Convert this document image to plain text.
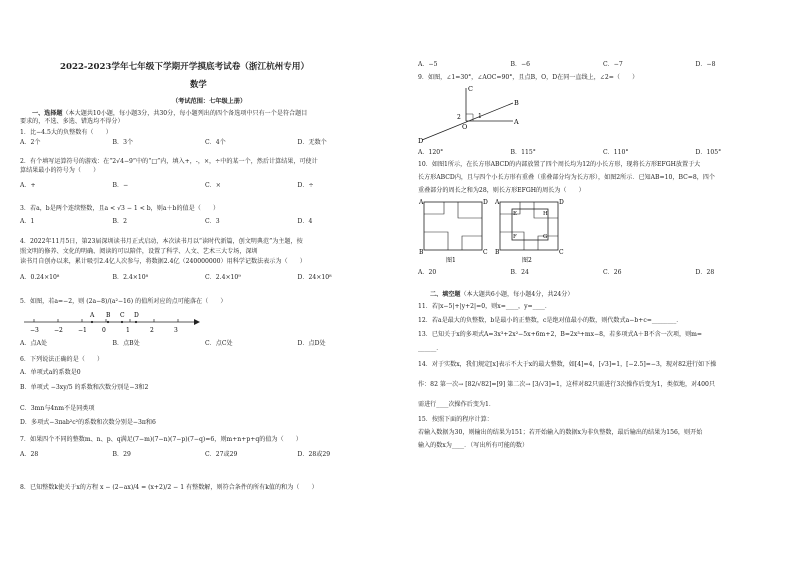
2022-2023学年七年级下学期开学摸底考试卷（浙江杭州专用）
数学
（考试范围：七年级上册）
一、选择题（本大题共10小题，每小题3分，共30分，每小题列出的四个备选项中只有一个是符合题目
要求的，不选、多选、错选均不得分）
1．比−4.5大的负整数有（　　）
A．2个	B．3个	C．4个	D．无数个
2．有个填写运算符号的游戏：在“2√4−9”中的“□”内，填入+，-，×，÷中的某一个，然后计算结果，可使计
算结果最小的符号为（　　）
A．+	B．−	C．×	D．÷
3．若a，b是两个连续整数，且a < √3 − 1 < b，则a＋b的值是（　　）
A．1	B．2	C．3	D．4
4．2022年11月5日，第23届深圳读书月正式启动，本次读书月以“读时代新篇，创文明典范”为主题，按
照文明的修养、文化的明确、阅读的可以陪伴，设置了科学、人文、艺术三大专场，深圳
读书月自创办以来，累计吸引2.4亿人次参与，将数据2.4亿（240000000）用科学记数法表示为（　　）
A．0.24×10⁸	B．2.4×10⁸	C．2.4×10⁹	D．24×10⁸
5．如图，若a=−2，则 (2a−8)/(a²−16) 的值所对应的点可能落在（　　）
−3	−2	−1	0	1	2	3
A B C D
A．点A处	B．点B处	C．点C处	D．点D处
6．下列说法正确的是（　　）
A．单项式a的系数是0
B．单项式 −3xy/5 的系数和次数分别是−3和2
C．3mn与4nm不是同类项
D．多项式−3πab²c²的系数和次数分别是−3π和6
7．如果四个不同的整数m、n、p、q满足(7−m)(7−n)(7−p)(7−q)=6，则m+n+p+q的值为（　　）
A．28	B．29	C．27或29	D．28或29
8．已知整数k使关于x的方程 x − (2−ax)/4 = (x+2)/2 − 1 有整数解，则符合条件的所有k值的和为（　　）
A．−5	B．−6	C．−7	D．−8
9．如图，∠1=30°，∠AOC=90°，且点B，O，D在同一直线上，∠2=（　　）
C
B
A
D
O
1
2
A．120°	B．115°	C．110°	D．105°
10．如图1所示，在长方形ABCD的内部放置了四个周长均为12的小长方形，现将长方形EFGH放置于大
长方形ABCD内，且与四个小长方形有重叠（重叠部分均为长方形），如图2所示．已知AB=10，BC=8，四个
重叠部分的周长之和为28，则长方形EFGH的周长为（　　）
A
B	C
D
图1
A
B	C
D
E
F	G
H
图2
A．20	B．24	C．26	D．28
二、填空题（本大题共6小题，每小题4分，共24分）
11．若|x−5|+|y+2|=0，则x=____，y=____．
12．若a是最大的负整数，b是最小的正整数，c是绝对值最小的数，则代数式a−b+c=________．
13．已知关于x的多项式A=3x³+2x²−5x+6m+2，B=2x³+mx−8，若多项式A＋B不含一次项，则m=
______．
14．对于实数x，我们规定[x]表示不大于x的最大整数，如[4]=4，[√3]=1，[−2.5]=−3，现对82进行如下操
作：82 第一次→ [82/√82]=[9] 第二次→ [3/√3]=1，这样对82只需进行3次操作后变为1，类似地，对400只
需进行____次操作后变为1．
15．按照下面的程序计算：
若输入数据为30，则输出的结果为151；若开始输入的数据x为非负整数，最后输出的结果为156，则开始
输入的数x为____．（写出所有可能的数）
